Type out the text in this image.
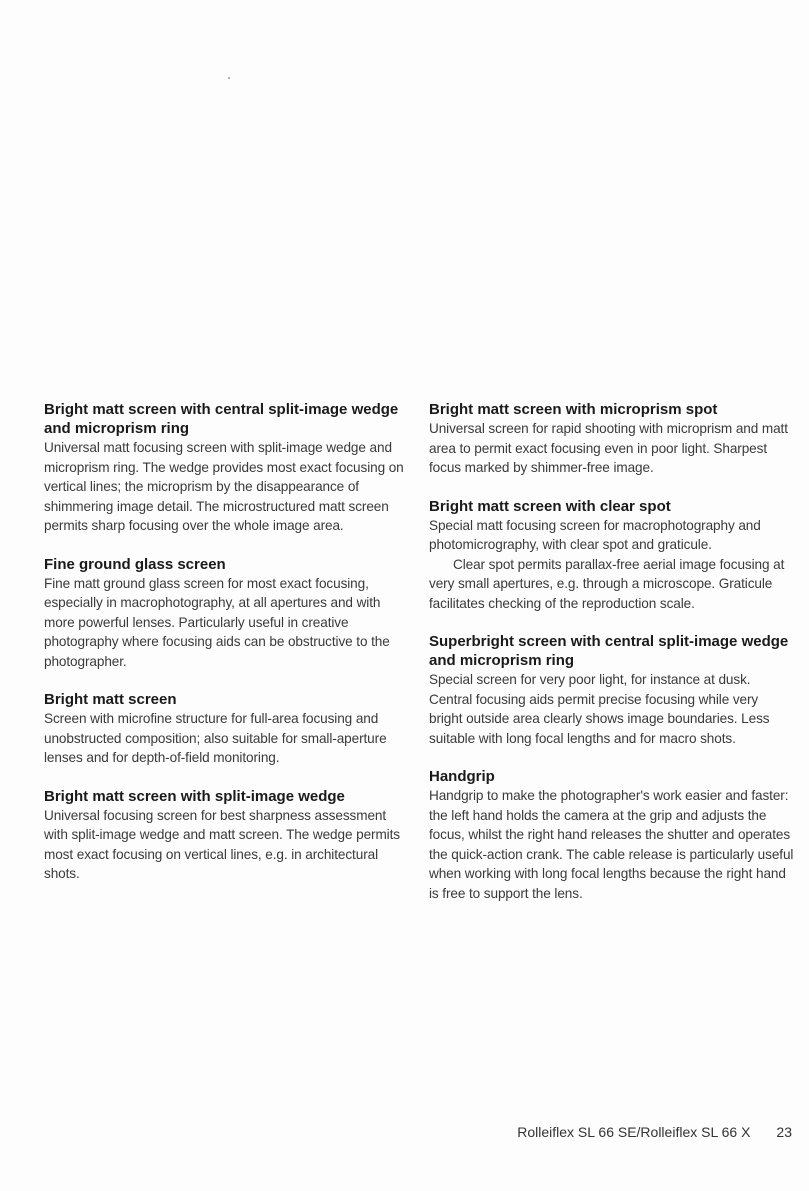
Bright matt screen with central split-image wedge and microprism ring

Universal matt focusing screen with split-image wedge and microprism ring. The wedge provides most exact focusing on vertical lines; the microprism by the disappearance of shimmering image detail. The microstructured matt screen permits sharp focusing over the whole image area.

Fine ground glass screen

Fine matt ground glass screen for most exact focusing, especially in macrophotography, at all apertures and with more powerful lenses. Particularly useful in creative photography where focusing aids can be obstructive to the photographer.

Bright matt screen

Screen with microfine structure for full-area focusing and unobstructed composition; also suitable for small-aperture lenses and for depth-of-field monitoring.

Bright matt screen with split-image wedge

Universal focusing screen for best sharpness assessment with split-image wedge and matt screen. The wedge permits most exact focusing on vertical lines, e.g. in architectural shots.

Bright matt screen with microprism spot

Universal screen for rapid shooting with microprism and matt area to permit exact focusing even in poor light. Sharpest focus marked by shimmer-free image.

Bright matt screen with clear spot

Special matt focusing screen for macrophotography and photomicrography, with clear spot and graticule.

Clear spot permits parallax-free aerial image focusing at very small apertures, e.g. through a microscope. Graticule facilitates checking of the reproduction scale.

Superbright screen with central split-image wedge and microprism ring

Special screen for very poor light, for instance at dusk. Central focusing aids permit precise focusing while very bright outside area clearly shows image boundaries. Less suitable with long focal lengths and for macro shots.

Handgrip

Handgrip to make the photographer's work easier and faster: the left hand holds the camera at the grip and adjusts the focus, whilst the right hand releases the shutter and operates the quick-action crank. The cable release is particularly useful when working with long focal lengths because the right hand is free to support the lens.

Rolleiflex SL 66 SE/Rolleiflex SL 66 X 23
